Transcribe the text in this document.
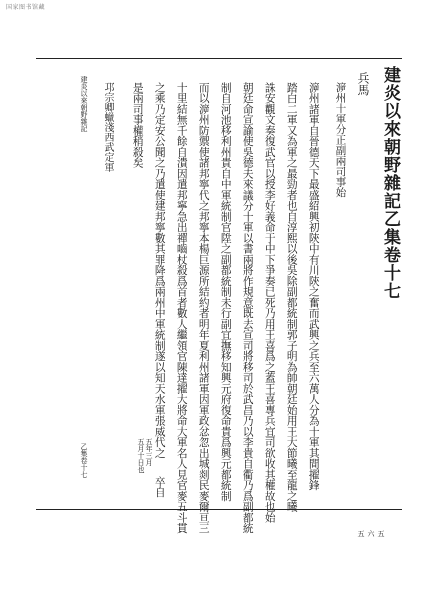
国家图书馆藏
建炎以來朝野雜記乙集卷十七
兵馬
㴑州十軍分正副兩司事始
㴑州諸軍自晉德天下最盛紹興初陝中有川陝之奮而武興之兵至六萬人分為十軍其間擢鋒
踏白二軍又為軍之最勁者也自淳熙以後吳除副都統制郭子明為帥朝廷始用王大節曦至龍之曦
誅安觀文奏復武官以授李好義命于中下爭奏已死乃用王喜爲之蓋王喜專兵宜司欲收其權故也始
朝廷命宣諭使吳德夫來議分十軍以書兩將作規意既去宣司將移司於武昌乃以李貴自衢乃爲副都統
制自河池移利州貴自中軍統制官陞之副都統制未行副宜撫移知興元府復命貴爲興元都統制
而以㴑州防禦使諸邦寧代之邦寧本楊巨源所結約者明年夏利州諸軍因軍政忿忽出城剡民麥爾亘三
十里結無千餘自潰因遣邦寧急出禪嚙杖殺爲首者數人繼領官陳達擢大將命大軍名人見官麥五斗貫
之乘乃定安公聞之乃遣使建邦寧數其罪降爲兩州中軍統制遂以知天水軍張威代之
五年三月
五月十日也
卒自
是兩司事權稍殺矣
建炎以來朝野雜記
乙集卷十七
邛宗卿蠟淺西武定軍
五六五
